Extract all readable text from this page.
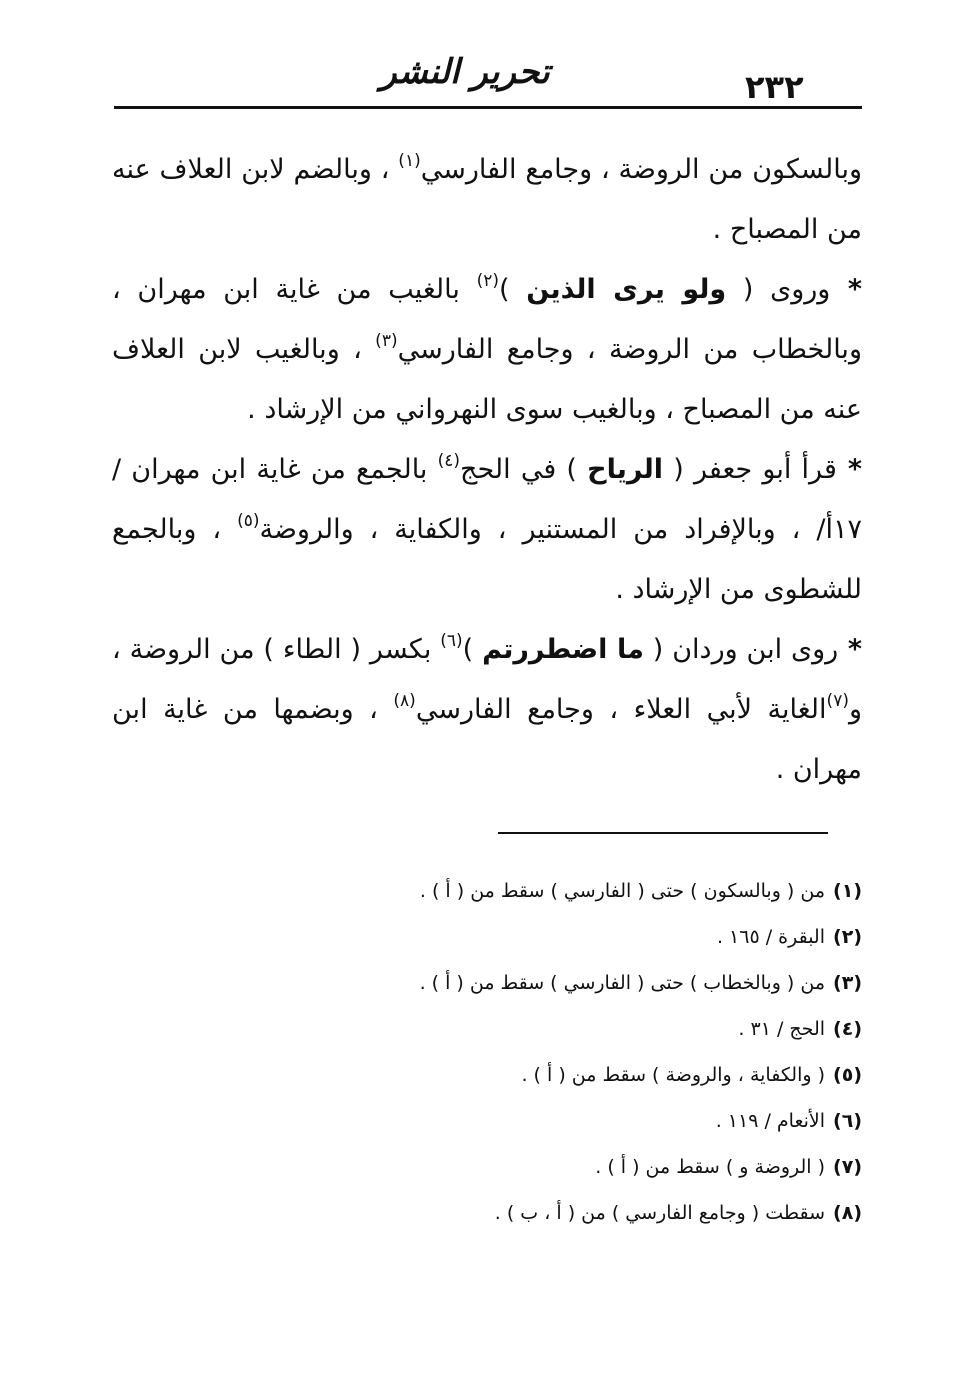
٢٣٢
تحرير النشر

وبالسكون من الروضة ، وجامع الفارسي$^{(١)}$ ، وبالضم لابن العلاف عنه من المصباح .

* وروى ( ولو يرى الذين )$^{(٢)}$ بالغيب من غاية ابن مهران ، وبالخطاب من الروضة ، وجامع الفارسي$^{(٣)}$ ، وبالغيب لابن العلاف عنه من المصباح ، وبالغيب سوى النهرواني من الإرشاد .

* قرأ أبو جعفر ( الرياح ) في الحج$^{(٤)}$ بالجمع من غاية ابن مهران /١٧أ/ ، وبالإفراد من المستنير ، والكفاية ، والروضة$^{(٥)}$ ، وبالجمع للشطوى من الإرشاد .

* روى ابن وردان ( ما اضطررتم )$^{(٦)}$ بكسر ( الطاء ) من الروضة ، و$^{(٧)}$الغاية لأبي العلاء ، وجامع الفارسي$^{(٨)}$ ، وبضمها من غاية ابن مهران .

(١)من ( وبالسكون ) حتى ( الفارسي ) سقط من ( أ ) .

(٢)البقرة / ١٦٥ .

(٣)من ( وبالخطاب ) حتى ( الفارسي ) سقط من ( أ ) .

(٤)الحج / ٣١ .

(٥)( والكفاية ، والروضة ) سقط من ( أ ) .

(٦)الأنعام / ١١٩ .

(٧)( الروضة و ) سقط من ( أ ) .

(٨)سقطت ( وجامع الفارسي ) من ( أ ، ب ) .
